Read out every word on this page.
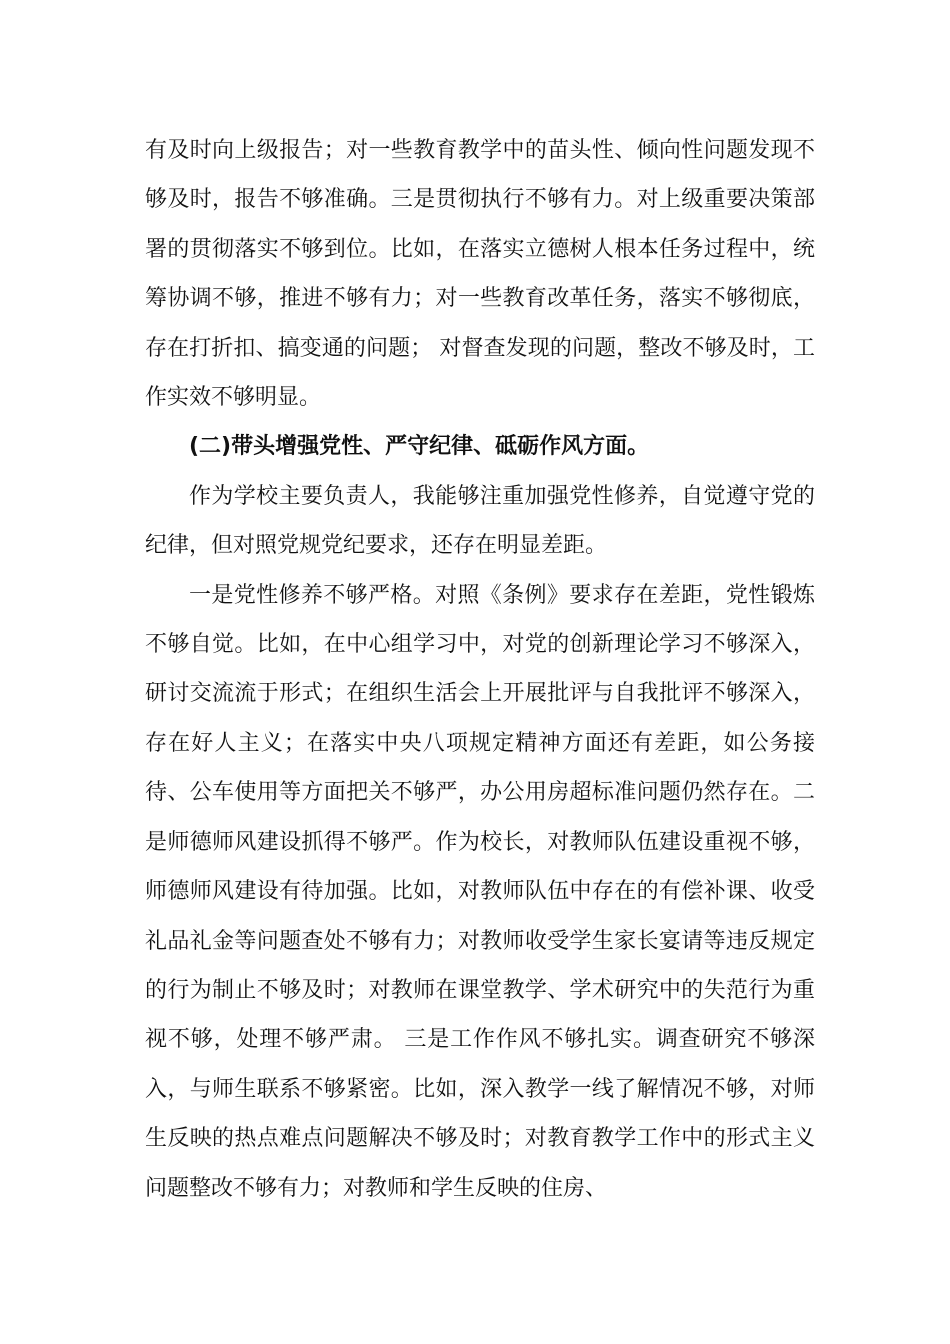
有及时向上级报告；对一些教育教学中的苗头性、倾向性问题发现不够及时，报告不够准确。三是贯彻执行不够有力。对上级重要决策部署的贯彻落实不够到位。比如，在落实立德树人根本任务过程中，统筹协调不够，推进不够有力；对一些教育改革任务，落实不够彻底，存在打折扣、搞变通的问题； 对督查发现的问题，整改不够及时，工作实效不够明显。

(二)带头增强党性、严守纪律、砥砺作风方面。

作为学校主要负责人，我能够注重加强党性修养，自觉遵守党的纪律，但对照党规党纪要求，还存在明显差距。

一是党性修养不够严格。对照《条例》要求存在差距，党性锻炼不够自觉。比如，在中心组学习中，对党的创新理论学习不够深入，研讨交流流于形式；在组织生活会上开展批评与自我批评不够深入，存在好人主义；在落实中央八项规定精神方面还有差距，如公务接待、公车使用等方面把关不够严，办公用房超标准问题仍然存在。二是师德师风建设抓得不够严。作为校长，对教师队伍建设重视不够，师德师风建设有待加强。比如，对教师队伍中存在的有偿补课、收受礼品礼金等问题查处不够有力；对教师收受学生家长宴请等违反规定的行为制止不够及时；对教师在课堂教学、学术研究中的失范行为重视不够，处理不够严肃。 三是工作作风不够扎实。调查研究不够深入，与师生联系不够紧密。比如，深入教学一线了解情况不够，对师生反映的热点难点问题解决不够及时；对教育教学工作中的形式主义问题整改不够有力；对教师和学生反映的住房、
